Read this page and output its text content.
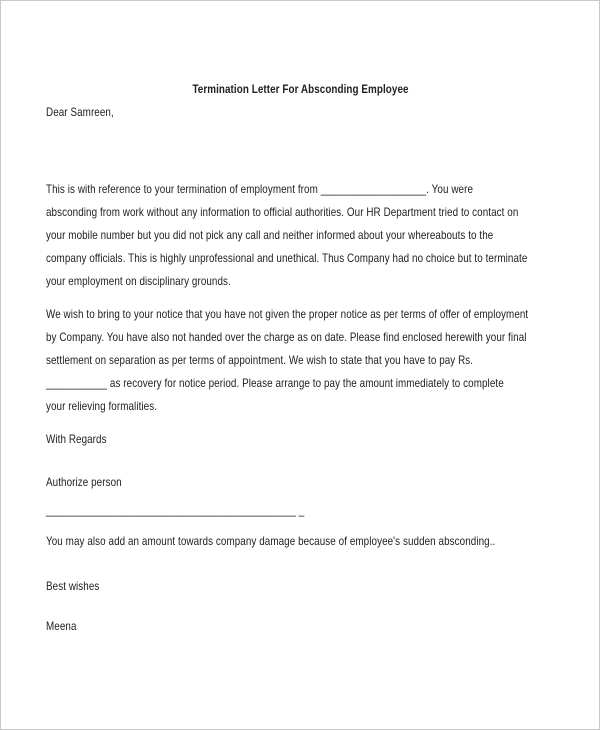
Termination Letter For Absconding Employee
Dear Samreen,
This is with reference to your termination of employment from ___________________. You were
absconding from work without any information to official authorities. Our HR Department tried to contact on
your mobile number but you did not pick any call and neither informed about your whereabouts to the
company officials. This is highly unprofessional and unethical. Thus Company had no choice but to terminate
your employment on disciplinary grounds.
We wish to bring to your notice that you have not given the proper notice as per terms of offer of employment
by Company. You have also not handed over the charge as on date. Please find enclosed herewith your final
settlement on separation as per terms of appointment. We wish to state that you have to pay Rs.
___________ as recovery for notice period. Please arrange to pay the amount immediately to complete
your relieving formalities.
With Regards
Authorize person
_____________________________________________ _
You may also add an amount towards company damage because of employee's sudden absconding..
Best wishes
Meena
